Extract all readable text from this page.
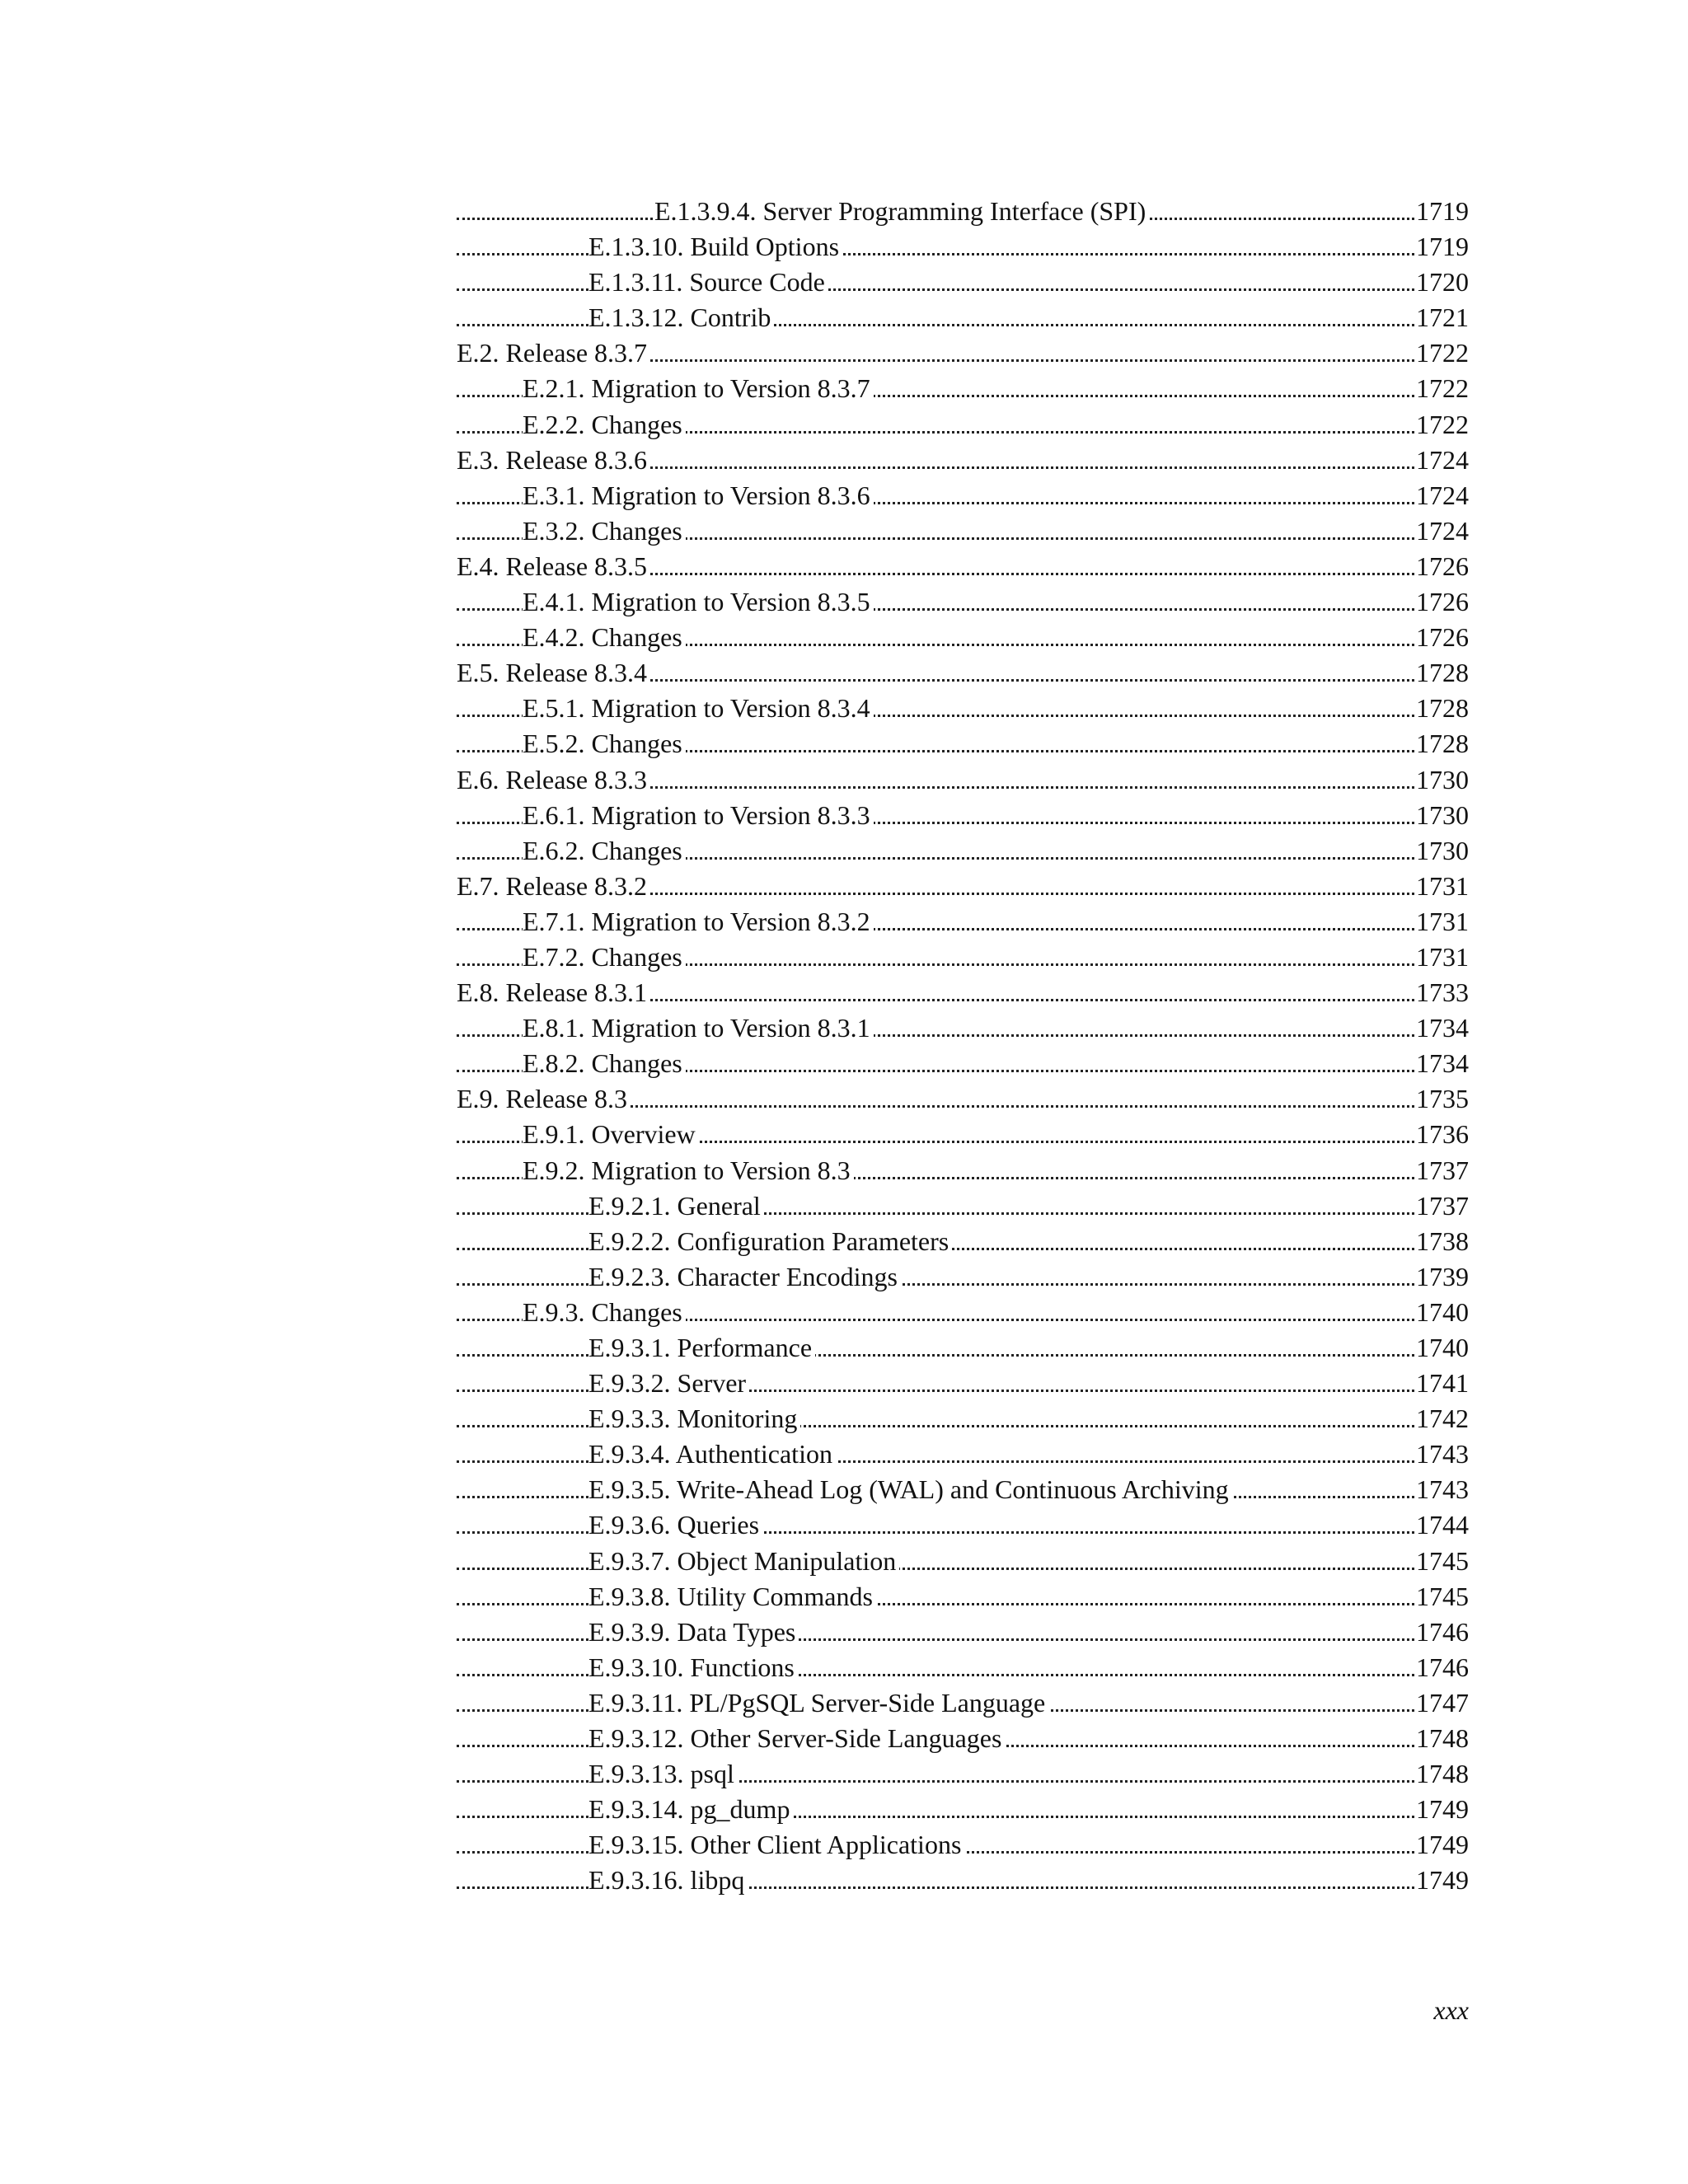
E.1.3.9.4. Server Programming Interface (SPI)	1719
E.1.3.10. Build Options	1719
E.1.3.11. Source Code	1720
E.1.3.12. Contrib	1721
E.2. Release 8.3.7	1722
E.2.1. Migration to Version 8.3.7	1722
E.2.2. Changes	1722
E.3. Release 8.3.6	1724
E.3.1. Migration to Version 8.3.6	1724
E.3.2. Changes	1724
E.4. Release 8.3.5	1726
E.4.1. Migration to Version 8.3.5	1726
E.4.2. Changes	1726
E.5. Release 8.3.4	1728
E.5.1. Migration to Version 8.3.4	1728
E.5.2. Changes	1728
E.6. Release 8.3.3	1730
E.6.1. Migration to Version 8.3.3	1730
E.6.2. Changes	1730
E.7. Release 8.3.2	1731
E.7.1. Migration to Version 8.3.2	1731
E.7.2. Changes	1731
E.8. Release 8.3.1	1733
E.8.1. Migration to Version 8.3.1	1734
E.8.2. Changes	1734
E.9. Release 8.3	1735
E.9.1. Overview	1736
E.9.2. Migration to Version 8.3	1737
E.9.2.1. General	1737
E.9.2.2. Configuration Parameters	1738
E.9.2.3. Character Encodings	1739
E.9.3. Changes	1740
E.9.3.1. Performance	1740
E.9.3.2. Server	1741
E.9.3.3. Monitoring	1742
E.9.3.4. Authentication	1743
E.9.3.5. Write-Ahead Log (WAL) and Continuous Archiving	1743
E.9.3.6. Queries	1744
E.9.3.7. Object Manipulation	1745
E.9.3.8. Utility Commands	1745
E.9.3.9. Data Types	1746
E.9.3.10. Functions	1746
E.9.3.11. PL/PgSQL Server-Side Language	1747
E.9.3.12. Other Server-Side Languages	1748
E.9.3.13. psql	1748
E.9.3.14. pg_dump	1749
E.9.3.15. Other Client Applications	1749
E.9.3.16. libpq	1749
xxx
